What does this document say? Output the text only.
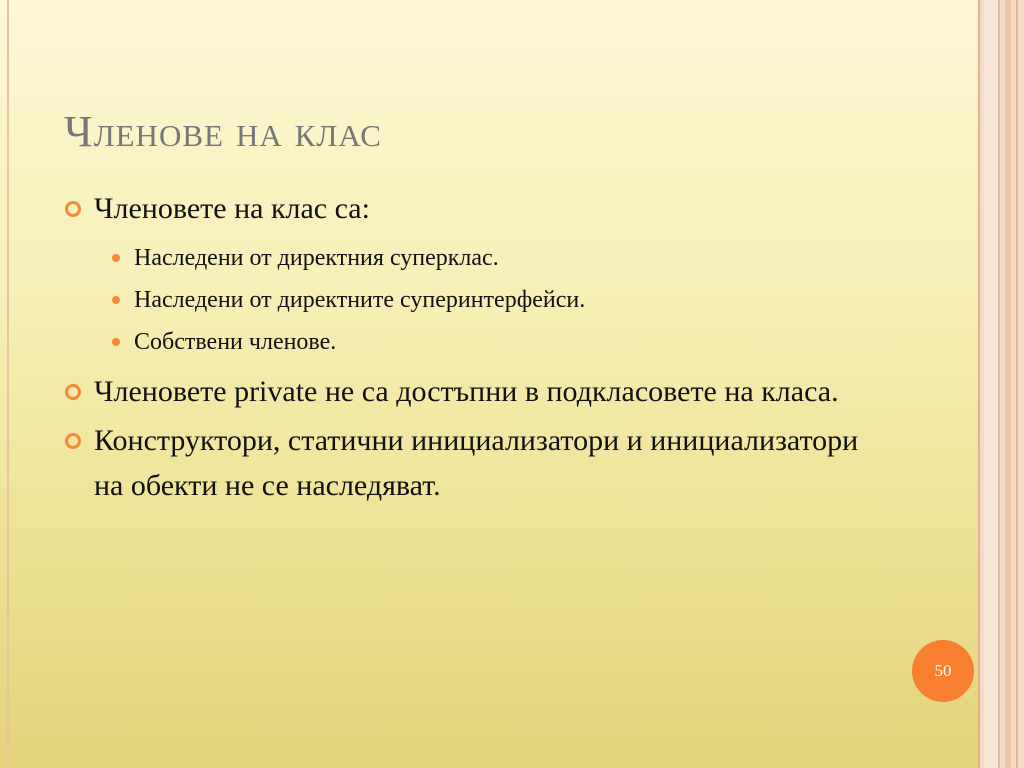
Членове на клас
Членовете на клас са:
Наследени от директния суперклас.
Наследени от директните суперинтерфейси.
Собствени членове.
Членовете private не са достъпни в подкласовете на класа.
Конструктори, статични инициализатори и инициализатори на обекти не се наследяват.
50
